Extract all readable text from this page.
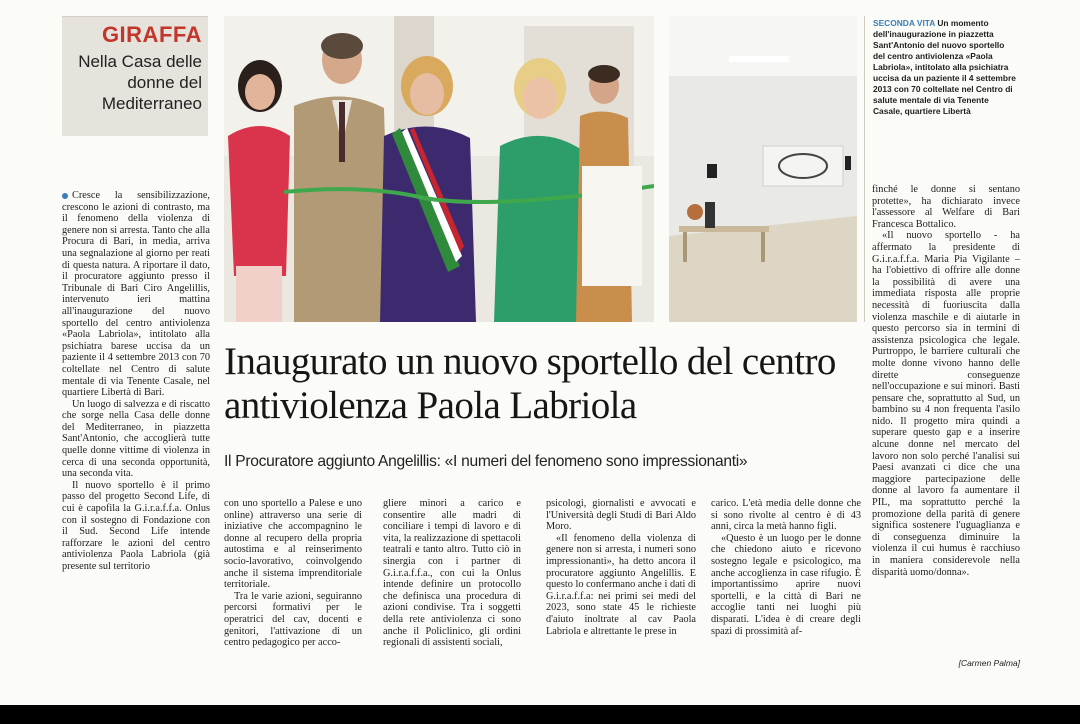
GIRAFFA
Nella Casa delle donne del Mediterraneo
SECONDA VITA Un momento dell'inaugurazione in piazzetta Sant'Antonio del nuovo sportello del centro antiviolenza «Paola Labriola», intitolato alla psichiatra uccisa da un paziente il 4 settembre 2013 con 70 coltellate nel Centro di salute mentale di via Tenente Casale, quartiere Libertà

Cresce la sensibilizzazione, crescono le azioni di contrasto, ma il fenomeno della violenza di genere non si arresta. Tanto che alla Procura di Bari, in media, arriva una segnalazione al giorno per reati di questa natura. A riportare il dato, il procuratore aggiunto presso il Tribunale di Bari Ciro Angelillis, intervenuto ieri mattina all'inaugurazione del nuovo sportello del centro antiviolenza «Paola Labriola», intitolato alla psichiatra barese uccisa da un paziente il 4 settembre 2013 con 70 coltellate nel Centro di salute mentale di via Tenente Casale, nel quartiere Libertà di Bari.

Un luogo di salvezza e di riscatto che sorge nella Casa delle donne del Mediterraneo, in piazzetta Sant'Antonio, che accoglierà tutte quelle donne vittime di violenza in cerca di una seconda opportunità, una seconda vita.

Il nuovo sportello è il primo passo del progetto Second Life, di cui è capofila la G.i.r.a.f.f.a. Onlus con il sostegno di Fondazione con il Sud. Second Life intende rafforzare le azioni del centro antiviolenza Paola Labriola (già presente sul territorio

Inaugurato un nuovo sportello del centro antiviolenza Paola Labriola
Il Procuratore aggiunto Angelillis: «I numeri del fenomeno sono impressionanti»

con uno sportello a Palese e uno online) attraverso una serie di iniziative che accompagnino le donne al recupero della propria autostima e al reinserimento socio-lavorativo, coinvolgendo anche il sistema imprenditoriale territoriale.

Tra le varie azioni, seguiranno percorsi formativi per le operatrici del cav, docenti e genitori, l'attivazione di un centro pedagogico per acco-

gliere minori a carico e consentire alle madri di conciliare i tempi di lavoro e di vita, la realizzazione di spettacoli teatrali e tanto altro. Tutto ciò in sinergia con i partner di G.i.r.a.f.f.a., con cui la Onlus intende definire un protocollo che definisca una procedura di azioni condivise. Tra i soggetti della rete antiviolenza ci sono anche il Policlinico, gli ordini regionali di assistenti sociali,

psicologi, giornalisti e avvocati e l'Università degli Studi di Bari Aldo Moro.

«Il fenomeno della violenza di genere non si arresta, i numeri sono impressionanti», ha detto ancora il procuratore aggiunto Angelillis. E questo lo confermano anche i dati di G.i.r.a.f.f.a: nei primi sei medi del 2023, sono state 45 le richieste d'aiuto inoltrate al cav Paola Labriola e altrettante le prese in

carico. L'età media delle donne che si sono rivolte al centro è di 43 anni, circa la metà hanno figli.

«Questo è un luogo per le donne che chiedono aiuto e ricevono sostegno legale e psicologico, ma anche accoglienza in case rifugio. È importantissimo aprire nuovi sportelli, e la città di Bari ne accoglie tanti nei luoghi più disparati. L'idea è di creare degli spazi di prossimità af-

finché le donne si sentano protette», ha dichiarato invece l'assessore al Welfare di Bari Francesca Bottalico.

«Il nuovo sportello - ha affermato la presidente di G.i.r.a.f.f.a. Maria Pia Vigilante – ha l'obiettivo di offrire alle donne la possibilità di avere una immediata risposta alle proprie necessità di fuoriuscita dalla violenza maschile e di aiutarle in questo percorso sia in termini di assistenza psicologica che legale. Purtroppo, le barriere culturali che molte donne vivono hanno delle dirette conseguenze nell'occupazione e sui minori. Basti pensare che, soprattutto al Sud, un bambino su 4 non frequenta l'asilo nido. Il progetto mira quindi a superare questo gap e a inserire alcune donne nel mercato del lavoro non solo perché l'analisi sui Paesi avanzati ci dice che una maggiore partecipazione delle donne al lavoro fa aumentare il PIL, ma soprattutto perché la promozione della parità di genere significa sostenere l'uguaglianza e di conseguenza diminuire la violenza il cui humus è racchiuso in maniera considerevole nella disparità uomo/donna».

[Carmen Palma]
